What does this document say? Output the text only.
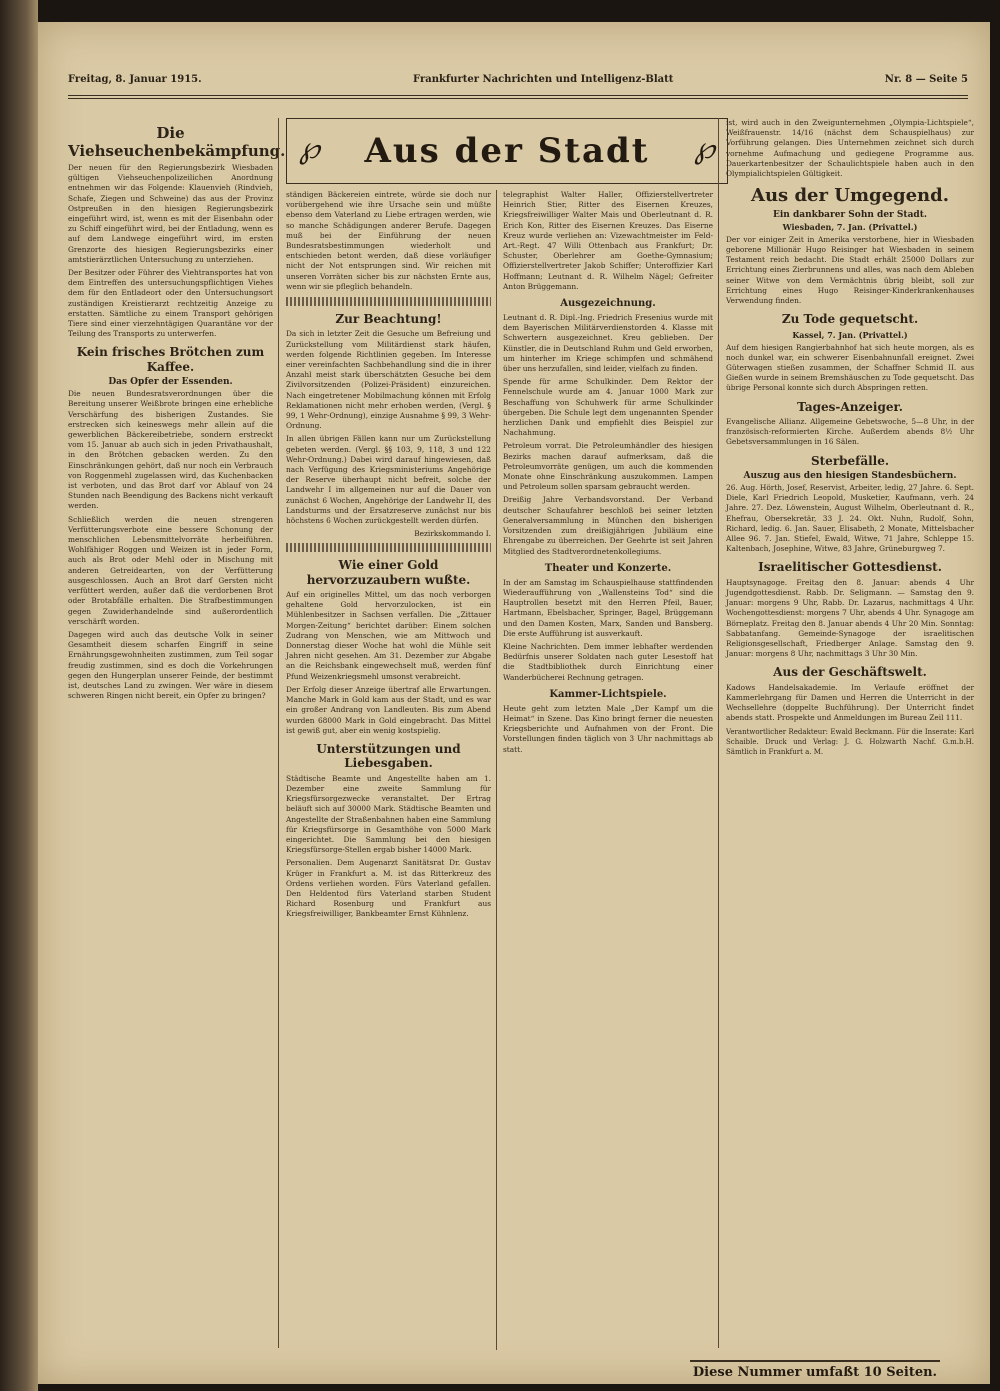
Freitag, 8. Januar 1915.	Frankfurter Nachrichten und Intelligenz-Blatt	Nr. 8 — Seite 5
Die Viehseuchenbekämpfung.

Der neuen für den Regierungsbezirk Wiesbaden gültigen Viehseuchenpolizeilichen Anordnung entnehmen wir das Folgende: Klauenvieh (Rindvieh, Schafe, Ziegen und Schweine) das aus der Provinz Ostpreußen in den hiesigen Regierungsbezirk eingeführt wird, ist, wenn es mit der Eisenbahn oder zu Schiff eingeführt wird, bei der Entladung, wenn es auf dem Landwege eingeführt wird, im ersten Grenzorte des hiesigen Regierungsbezirks einer amtstierärztlichen Untersuchung zu unterziehen.

Der Besitzer oder Führer des Viehtransportes hat von dem Eintreffen des untersuchungspflichtigen Viehes dem für den Entladeort oder den Untersuchungsort zuständigen Kreistierarzt rechtzeitig Anzeige zu erstatten. Sämtliche zu einem Transport gehörigen Tiere sind einer vierzehntägigen Quarantäne vor der Teilung des Transports zu unterwerfen.

Kein frisches Brötchen zum Kaffee.
Das Opfer der Essenden.

Die neuen Bundesratsverordnungen über die Bereitung unserer Weißbrote bringen eine erhebliche Verschärfung des bisherigen Zustandes. Sie erstrecken sich keineswegs mehr allein auf die gewerblichen Bäckereibetriebe, sondern erstreckt vom 15. Januar ab auch sich in jeden Privathaushalt, in den Brötchen gebacken werden. Zu den Einschränkungen gehört, daß nur noch ein Verbrauch von Roggenmehl zugelassen wird, das Kuchenbacken ist verboten, und das Brot darf vor Ablauf von 24 Stunden nach Beendigung des Backens nicht verkauft werden.

Schließlich werden die neuen strengeren Verfütterungsverbote eine bessere Schonung der menschlichen Lebensmittelvorräte herbeiführen. Wohlfähiger Roggen und Weizen ist in jeder Form, auch als Brot oder Mehl oder in Mischung mit anderen Getreidearten, von der Verfütterung ausgeschlossen. Auch an Brot darf Gersten nicht verfüttert werden, außer daß die verdorbenen Brot oder Brotabfälle erhalten. Die Strafbestimmungen gegen Zuwiderhandelnde sind außerordentlich verschärft worden.

Dagegen wird auch das deutsche Volk in seiner Gesamtheit diesem scharfen Eingriff in seine Ernährungsgewohnheiten zustimmen, zum Teil sogar freudig zustimmen, sind es doch die Vorkehrungen gegen den Hungerplan unserer Feinde, der bestimmt ist, deutsches Land zu zwingen. Wer wäre in diesem schweren Ringen nicht bereit, ein Opfer zu bringen?

℘ Aus der Stadt ℘

ständigen Bäckereien eintrete, würde sie doch nur vorübergehend wie ihre Ursache sein und müßte ebenso dem Vaterland zu Liebe ertragen werden, wie so manche Schädigungen anderer Berufe. Dagegen muß bei der Einführung der neuen Bundesratsbestimmungen wiederholt und entschieden betont werden, daß diese vorläufiger nicht der Not entsprungen sind. Wir reichen mit unseren Vorräten sicher bis zur nächsten Ernte aus, wenn wir sie pfleglich behandeln.

Zur Beachtung!

Da sich in letzter Zeit die Gesuche um Befreiung und Zurückstellung vom Militärdienst stark häufen, werden folgende Richtlinien gegeben. Im Interesse einer vereinfachten Sachbehandlung sind die in ihrer Anzahl meist stark überschätzten Gesuche bei dem Zivilvorsitzenden (Polizei-Präsident) einzureichen. Nach eingetretener Mobilmachung können mit Erfolg Reklamationen nicht mehr erhoben werden, (Vergl. § 99, 1 Wehr-Ordnung), einzige Ausnahme § 99, 3 Wehr-Ordnung.

In allen übrigen Fällen kann nur um Zurückstellung gebeten werden. (Vergl. §§ 103, 9, 118, 3 und 122 Wehr-Ordnung.) Dabei wird darauf hingewiesen, daß nach Verfügung des Kriegsministeriums Angehörige der Reserve überhaupt nicht befreit, solche der Landwehr I im allgemeinen nur auf die Dauer von zunächst 6 Wochen, Angehörige der Landwehr II, des Landsturms und der Ersatzreserve zunächst nur bis höchstens 6 Wochen zurückgestellt werden dürfen.

Bezirkskommando I.
Wie einer Gold hervorzuzaubern wußte.

Auf ein originelles Mittel, um das noch verborgen gehaltene Gold hervorzulocken, ist ein Mühlenbesitzer in Sachsen verfallen. Die „Zittauer Morgen-Zeitung“ berichtet darüber: Einem solchen Zudrang von Menschen, wie am Mittwoch und Donnerstag dieser Woche hat wohl die Mühle seit Jahren nicht gesehen. Am 31. Dezember zur Abgabe an die Reichsbank eingewechselt muß, werden fünf Pfund Weizenkriegsmehl umsonst verabreicht.

Der Erfolg dieser Anzeige übertraf alle Erwartungen. Manche Mark in Gold kam aus der Stadt, und es war ein großer Andrang von Landleuten. Bis zum Abend wurden 68000 Mark in Gold eingebracht. Das Mittel ist gewiß gut, aber ein wenig kostspielig.

Unterstützungen und Liebesgaben.

Städtische Beamte und Angestellte haben am 1. Dezember eine zweite Sammlung für Kriegsfürsorgezwecke veranstaltet. Der Ertrag beläuft sich auf 30000 Mark. Städtische Beamten und Angestellte der Straßenbahnen haben eine Sammlung für Kriegsfürsorge in Gesamthöhe von 5000 Mark eingerichtet. Die Sammlung bei den hiesigen Kriegsfürsorge-Stellen ergab bisher 14000 Mark.

Personalien. Dem Augenarzt Sanitätsrat Dr. Gustav Krüger in Frankfurt a. M. ist das Ritterkreuz des Ordens verliehen worden. Fürs Vaterland gefallen. Den Heldentod fürs Vaterland starben Student Richard Rosenburg und Frankfurt aus Kriegsfreiwilliger, Bankbeamter Ernst Kühnlenz.

telegraphist Walter Haller, Offizierstellvertreter Heinrich Stier, Ritter des Eisernen Kreuzes, Kriegsfreiwilliger Walter Mais und Oberleutnant d. R. Erich Kon, Ritter des Eisernen Kreuzes. Das Eiserne Kreuz wurde verliehen an: Vizewachtmeister im Feld-Art.-Regt. 47 Willi Ottenbach aus Frankfurt; Dr. Schuster, Oberlehrer am Goethe-Gymnasium; Offizierstellvertreter Jakob Schiffer; Unteroffizier Karl Hoffmann; Leutnant d. R. Wilhelm Nägel; Gefreiter Anton Brüggemann.

Ausgezeichnung.

Leutnant d. R. Dipl.-Ing. Friedrich Fresenius wurde mit dem Bayerischen Militärverdienstorden 4. Klasse mit Schwertern ausgezeichnet. Kreu geblieben. Der Künstler, die in Deutschland Ruhm und Geld erworben, um hinterher im Kriege schimpfen und schmähend über uns herzufallen, sind leider, vielfach zu finden.

Spende für arme Schulkinder. Dem Rektor der Fennelschule wurde am 4. Januar 1000 Mark zur Beschaffung von Schuhwerk für arme Schulkinder übergeben. Die Schule legt dem ungenannten Spender herzlichen Dank und empfiehlt dies Beispiel zur Nachahmung.

Petroleum vorrat. Die Petroleumhändler des hiesigen Bezirks machen darauf aufmerksam, daß die Petroleumvorräte genügen, um auch die kommenden Monate ohne Einschränkung auszukommen. Lampen und Petroleum sollen sparsam gebraucht werden.

Dreißig Jahre Verbandsvorstand. Der Verband deutscher Schaufahrer beschloß bei seiner letzten Generalversammlung in München den bisherigen Vorsitzenden zum dreißigjährigen Jubiläum eine Ehrengabe zu überreichen. Der Geehrte ist seit Jahren Mitglied des Stadtverordnetenkollegiums.

Theater und Konzerte.

In der am Samstag im Schauspielhause stattfindenden Wiederaufführung von „Wallensteins Tod“ sind die Hauptrollen besetzt mit den Herren Pfeil, Bauer, Hartmann, Ebelsbacher, Springer, Bagel, Brüggemann und den Damen Kosten, Marx, Sanden und Bansberg. Die erste Aufführung ist ausverkauft.

Kleine Nachrichten. Dem immer lebhafter werdenden Bedürfnis unserer Soldaten nach guter Lesestoff hat die Stadtbibliothek durch Einrichtung einer Wanderbücherei Rechnung getragen.

Kammer-Lichtspiele.

Heute geht zum letzten Male „Der Kampf um die Heimat“ in Szene. Das Kino bringt ferner die neuesten Kriegsberichte und Aufnahmen von der Front. Die Vorstellungen finden täglich von 3 Uhr nachmittags ab statt.

ist, wird auch in den Zweigunternehmen „Olympia-Lichtspiele“, Weißfrauenstr. 14/16 (nächst dem Schauspielhaus) zur Vorführung gelangen. Dies Unternehmen zeichnet sich durch vornehme Aufmachung und gediegene Programme aus. Dauerkartenbesitzer der Schaulichtspiele haben auch in den Olympialichtspielen Gültigkeit.

Aus der Umgegend.
Ein dankbarer Sohn der Stadt.
Wiesbaden, 7. Jan. (Privattel.)

Der vor einiger Zeit in Amerika verstorbene, hier in Wiesbaden geborene Millionär Hugo Reisinger hat Wiesbaden in seinem Testament reich bedacht. Die Stadt erhält 25000 Dollars zur Errichtung eines Zierbrunnens und alles, was nach dem Ableben seiner Witwe von dem Vermächtnis übrig bleibt, soll zur Errichtung eines Hugo Reisinger-Kinderkrankenhauses Verwendung finden.

Zu Tode gequetscht.
Kassel, 7. Jan. (Privattel.)

Auf dem hiesigen Rangierbahnhof hat sich heute morgen, als es noch dunkel war, ein schwerer Eisenbahnunfall ereignet. Zwei Güterwagen stießen zusammen, der Schaffner Schmid II. aus Gießen wurde in seinem Bremshäuschen zu Tode gequetscht. Das übrige Personal konnte sich durch Abspringen retten.

Tages-Anzeiger.

Evangelische Allianz. Allgemeine Gebetswoche, 5—8 Uhr, in der französisch-reformierten Kirche. Außerdem abends 8½ Uhr Gebetsversammlungen in 16 Sälen.

Sterbefälle.
Auszug aus den hiesigen Standesbüchern.

26. Aug. Hörth, Josef, Reservist, Arbeiter, ledig, 27 Jahre. 6. Sept. Diele, Karl Friedrich Leopold, Musketier, Kaufmann, verh. 24 Jahre. 27. Dez. Löwenstein, August Wilhelm, Oberleutnant d. R., Ehefrau, Obersekretär, 33 J. 24. Okt. Nuhn, Rudolf, Sohn, Richard, ledig. 6. Jan. Sauer, Elisabeth, 2 Monate, Mittelsbacher Allee 96. 7. Jan. Stiefel, Ewald, Witwe, 71 Jahre, Schleppe 15. Kaltenbach, Josephine, Witwe, 83 Jahre, Grüneburgweg 7.

Israelitischer Gottesdienst.

Hauptsynagoge. Freitag den 8. Januar: abends 4 Uhr Jugendgottesdienst. Rabb. Dr. Seligmann. — Samstag den 9. Januar: morgens 9 Uhr, Rabb. Dr. Lazarus, nachmittags 4 Uhr. Wochengottesdienst: morgens 7 Uhr, abends 4 Uhr. Synagoge am Börneplatz. Freitag den 8. Januar abends 4 Uhr 20 Min. Sonntag: Sabbatanfang. Gemeinde-Synagoge der israelitischen Religionsgesellschaft, Friedberger Anlage. Samstag den 9. Januar: morgens 8 Uhr, nachmittags 3 Uhr 30 Min.

Aus der Geschäftswelt.

Kadows Handelsakademie. Im Verlaufe eröffnet der Kammerlehrgang für Damen und Herren die Unterricht in der Wechsellehre (doppelte Buchführung). Der Unterricht findet abends statt. Prospekte und Anmeldungen im Bureau Zeil 111.

Verantwortlicher Redakteur: Ewald Beckmann. Für die Inserate: Karl Schaible. Druck und Verlag: J. G. Holzwarth Nachf. G.m.b.H. Sämtlich in Frankfurt a. M.

Diese Nummer umfaßt 10 Seiten.
